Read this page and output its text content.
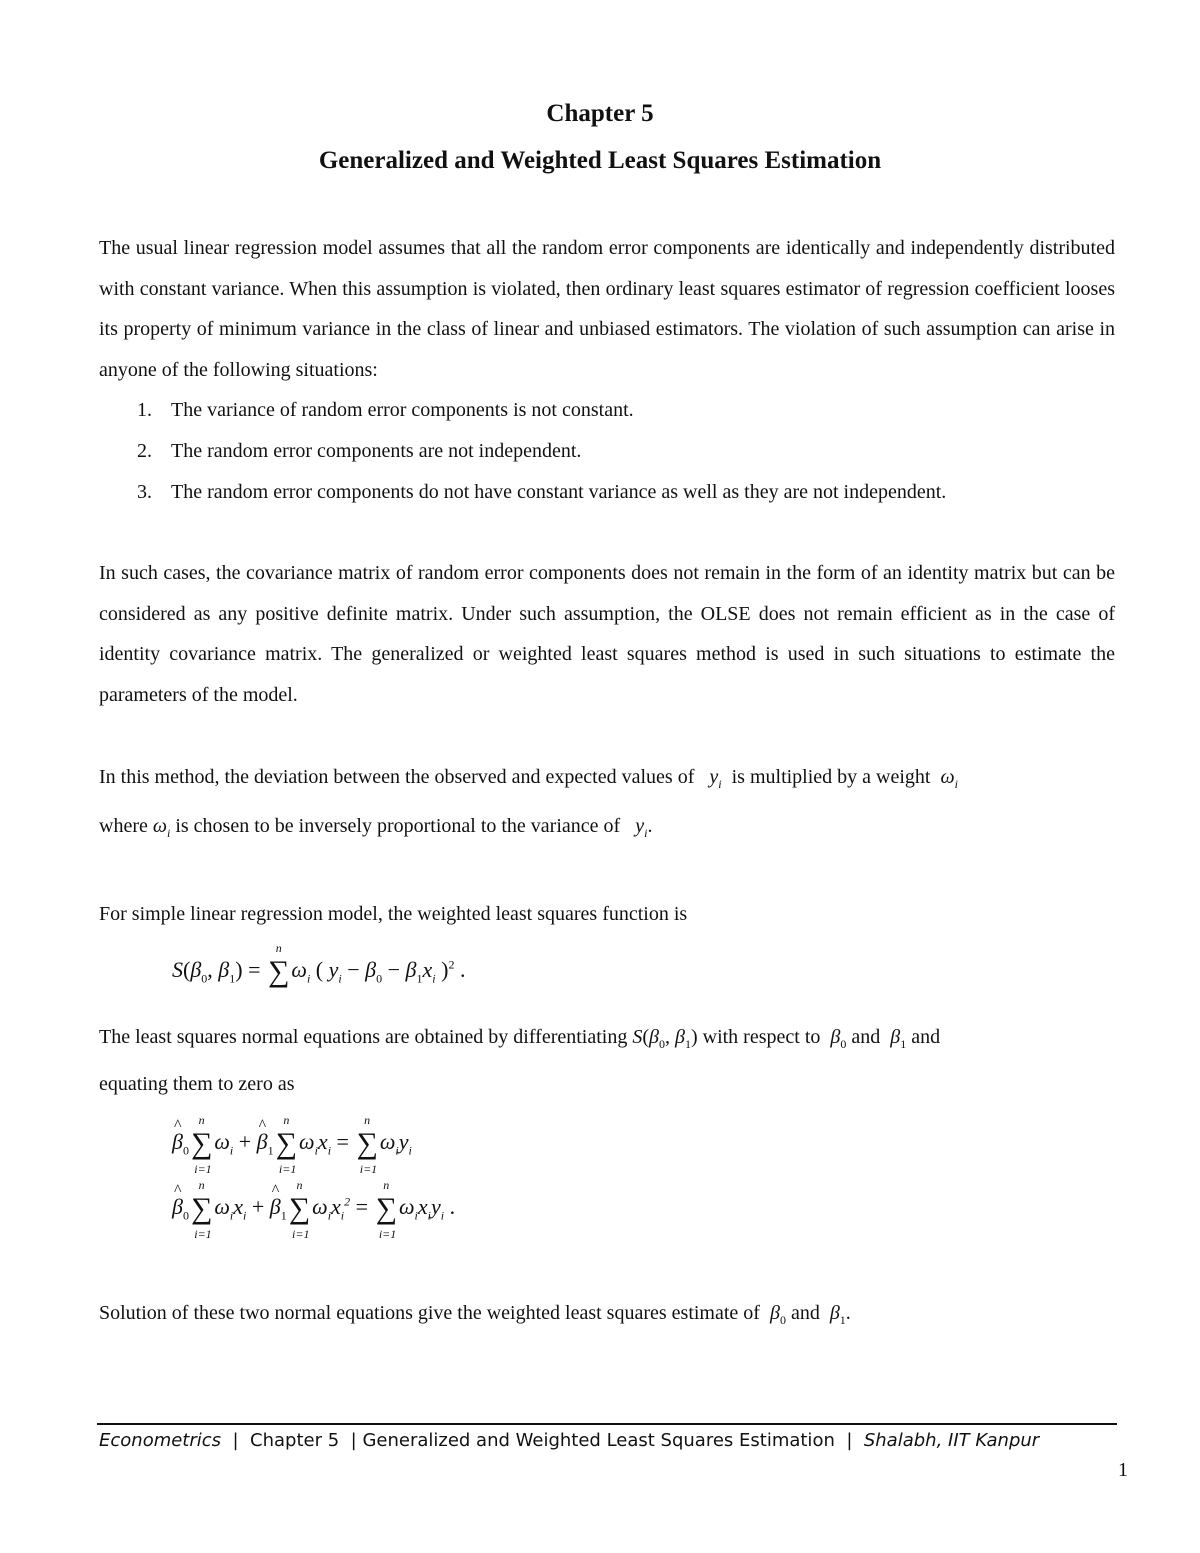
Chapter 5
Generalized and Weighted Least Squares Estimation

The usual linear regression model assumes that all the random error components are identically and independently distributed with constant variance. When this assumption is violated, then ordinary least squares estimator of regression coefficient looses its property of minimum variance in the class of linear and unbiased estimators. The violation of such assumption can arise in anyone of the following situations:

1. The variance of random error components is not constant.
2. The random error components are not independent.
3. The random error components do not have constant variance as well as they are not independent.

In such cases, the covariance matrix of random error components does not remain in the form of an identity matrix but can be considered as any positive definite matrix. Under such assumption, the OLSE does not remain efficient as in the case of identity covariance matrix. The generalized or weighted least squares method is used in such situations to estimate the parameters of the model.

In this method, the deviation between the observed and expected values of $y_i$ is multiplied by a weight $\omega_i$
where $\omega_i$ is chosen to be inversely proportional to the variance of $y_i$.
For simple linear regression model, the weighted least squares function is
$S(\beta_0$, $\beta_1$) =
n
$\sum\omega_i$ ( $y_i - \beta_0 - \beta_1x_i$ )$^2$ .
The least squares normal equations are obtained by differentiating $S(\beta_0$, $\beta_1$) with respect to $\beta_0$ and $\beta_1$ and
equating them to zero as
^ $\beta_0$
n
∑
i=1
$\omega_i$ + ^ $\beta_1$
n
∑
i=1
$\omega_ix_i$ =
n
∑
i=1
$\omega_iy_i$
^ $\beta_0$
n
∑
i=1
$\omega_ix_i$ + ^ $\beta_1$
n
∑
i=1
$\omega_ix_i^2$ =
n
∑
i=1
$\omega_ix_iy_i$ .
Solution of these two normal equations give the weighted least squares estimate of $\beta_0$ and $\beta_1$.
Econometrics | Chapter 5 | Generalized and Weighted Least Squares Estimation | Shalabh, IIT Kanpur
1
